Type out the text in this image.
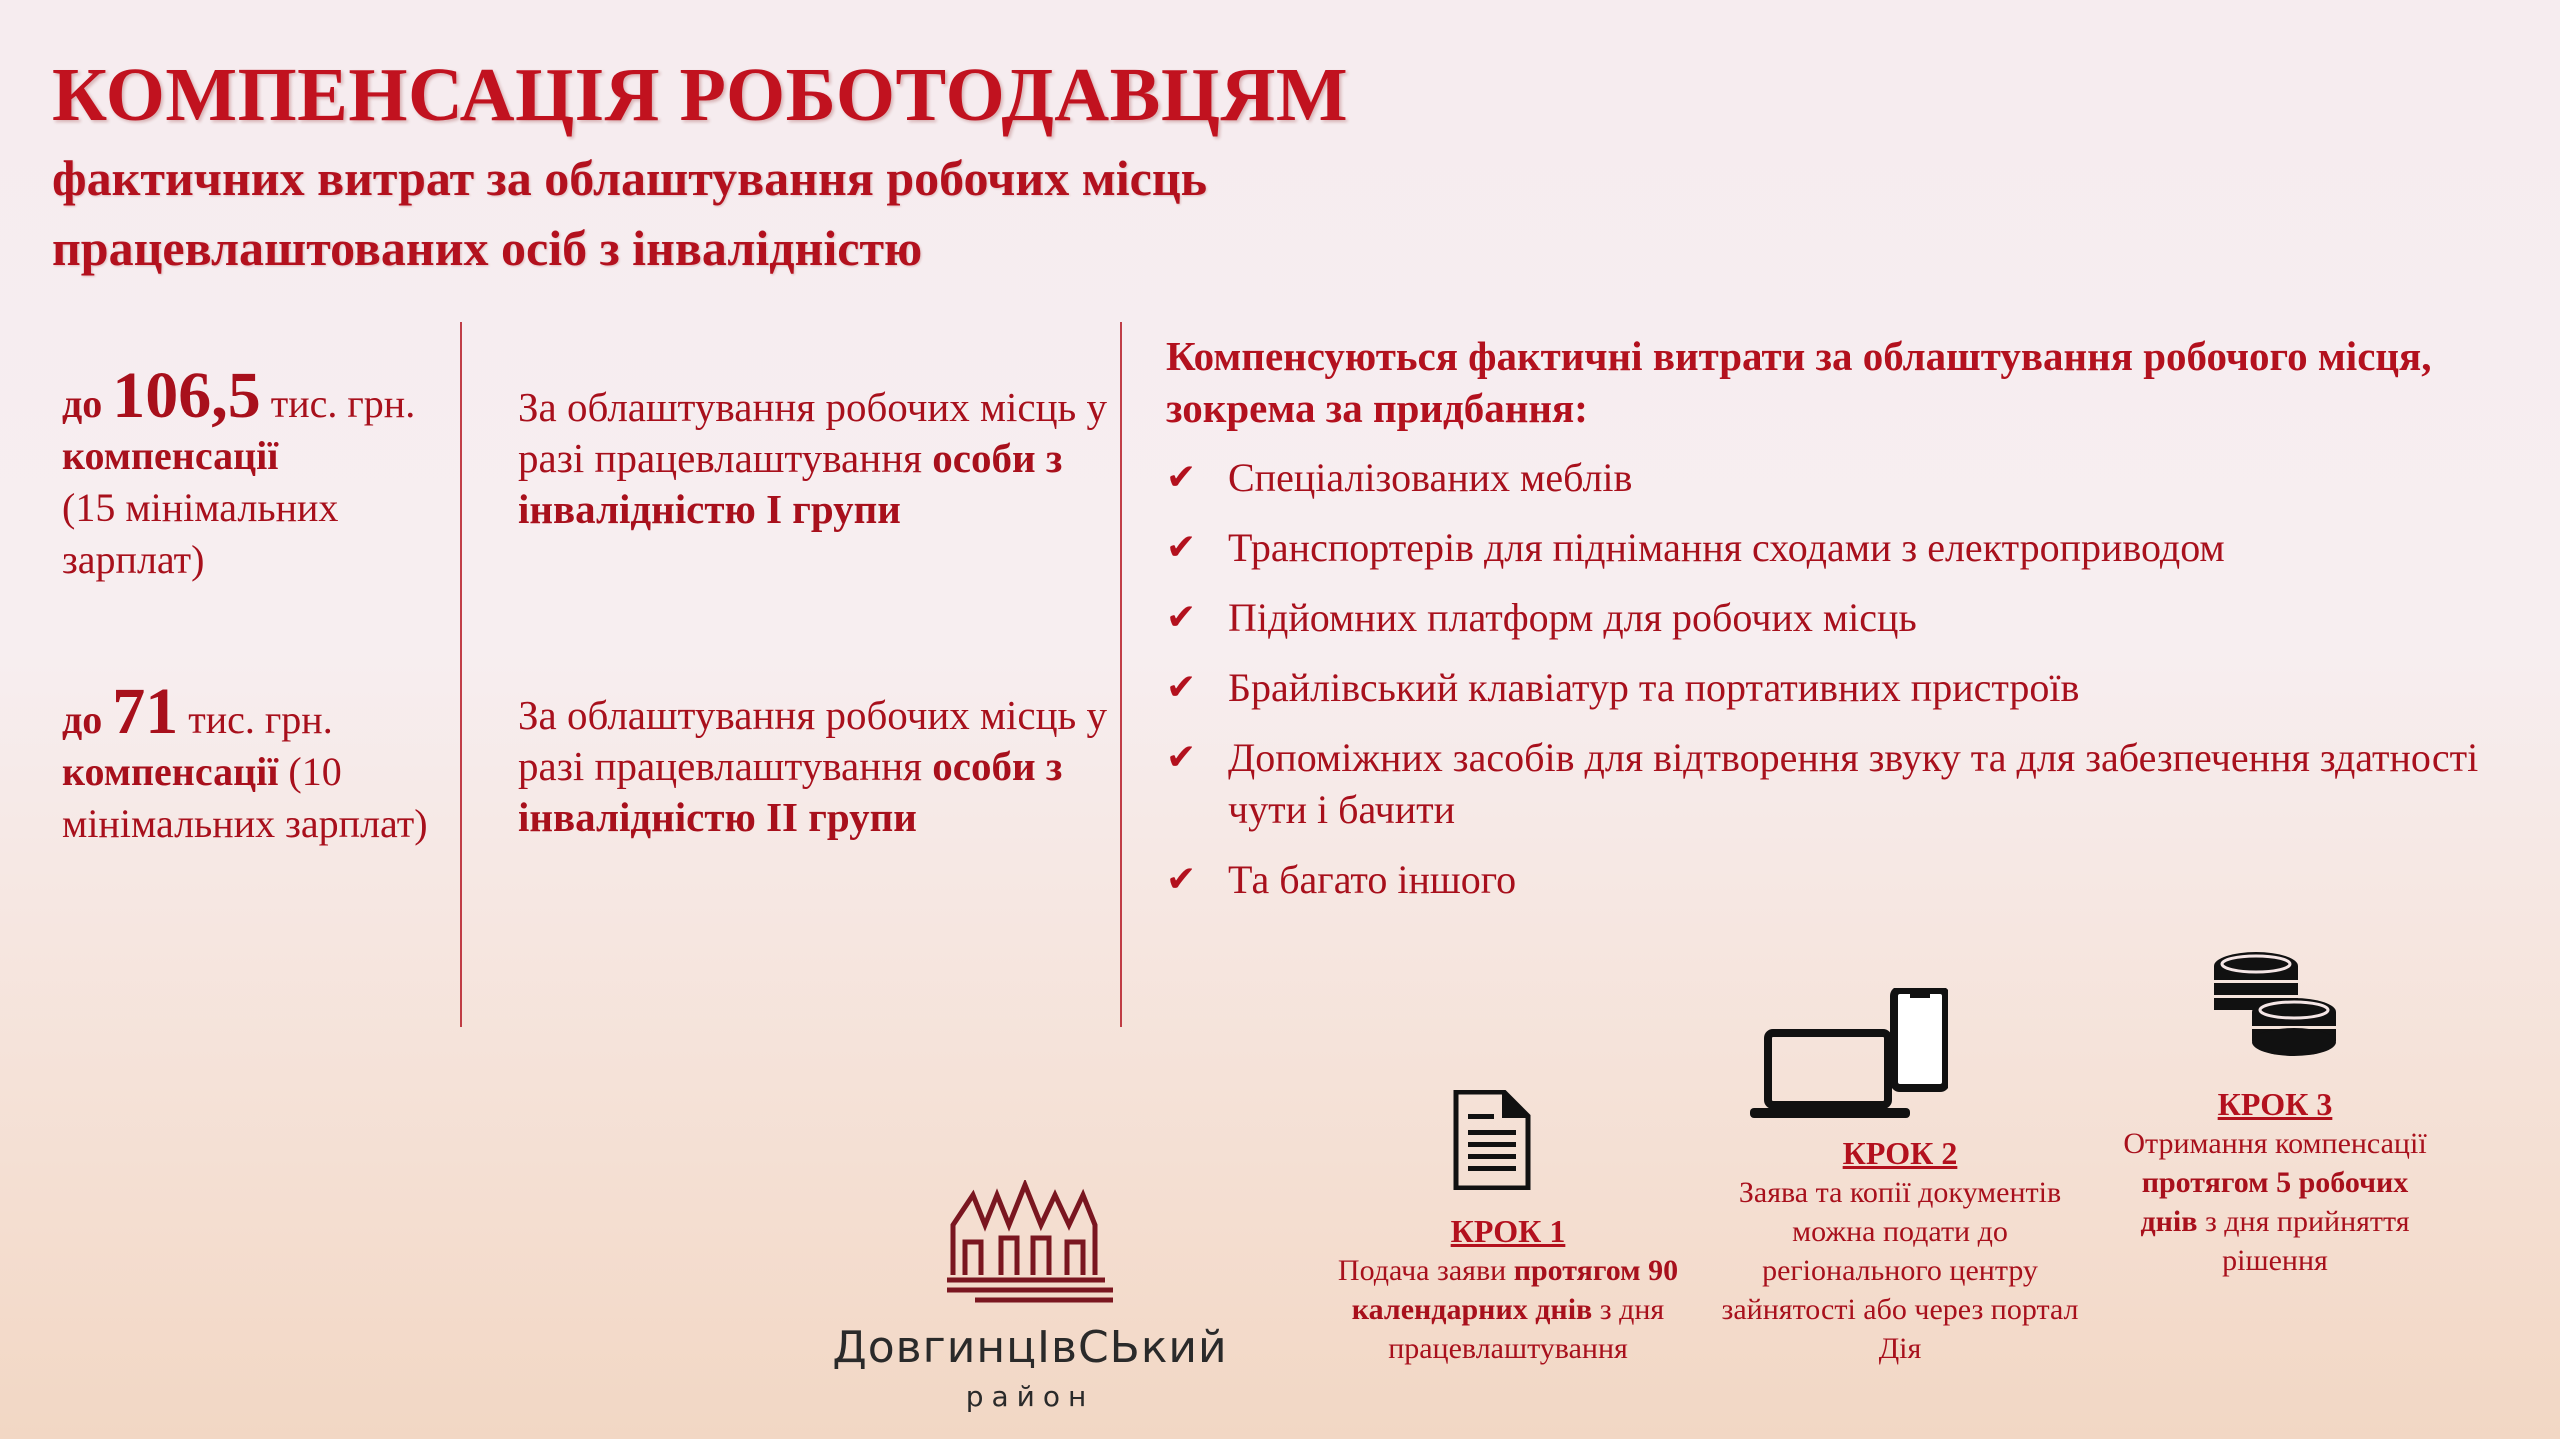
КОМПЕНСАЦІЯ РОБОТОДАВЦЯМ
фактичних витрат за облаштування робочих місць працевлаштованих осіб з інвалідністю
до 106,5 тис. грн.
компенсації
(15 мінімальних зарплат)
до 71 тис. грн.
компенсації (10 мінімальних зарплат)
За облаштування робочих місць у разі працевлаштування особи з інвалідністю I групи
За облаштування робочих місць у разі працевлаштування особи з інвалідністю II групи
Компенсуються фактичні витрати за облаштування робочого місця, зокрема за придбання:
✔ Спеціалізованих меблів
✔ Транспортерів для піднімання сходами з електроприводом
✔ Підйомних платформ для робочих місць
✔ Брайлівський клавіатур та портативних пристроїв
✔ Допоміжних засобів для відтворення звуку та для забезпечення здатності чути і бачити
✔ Та багато іншого
КРОК 1
Подача заяви протягом 90 календарних днів з дня працевлаштування
КРОК 2
Заява та копії документів можна подати до регіонального центру зайнятості або через портал Дія
КРОК 3
Отримання компенсації протягом 5 робочих днів з дня прийняття рішення
ДовгинцІвСЬкий
район
